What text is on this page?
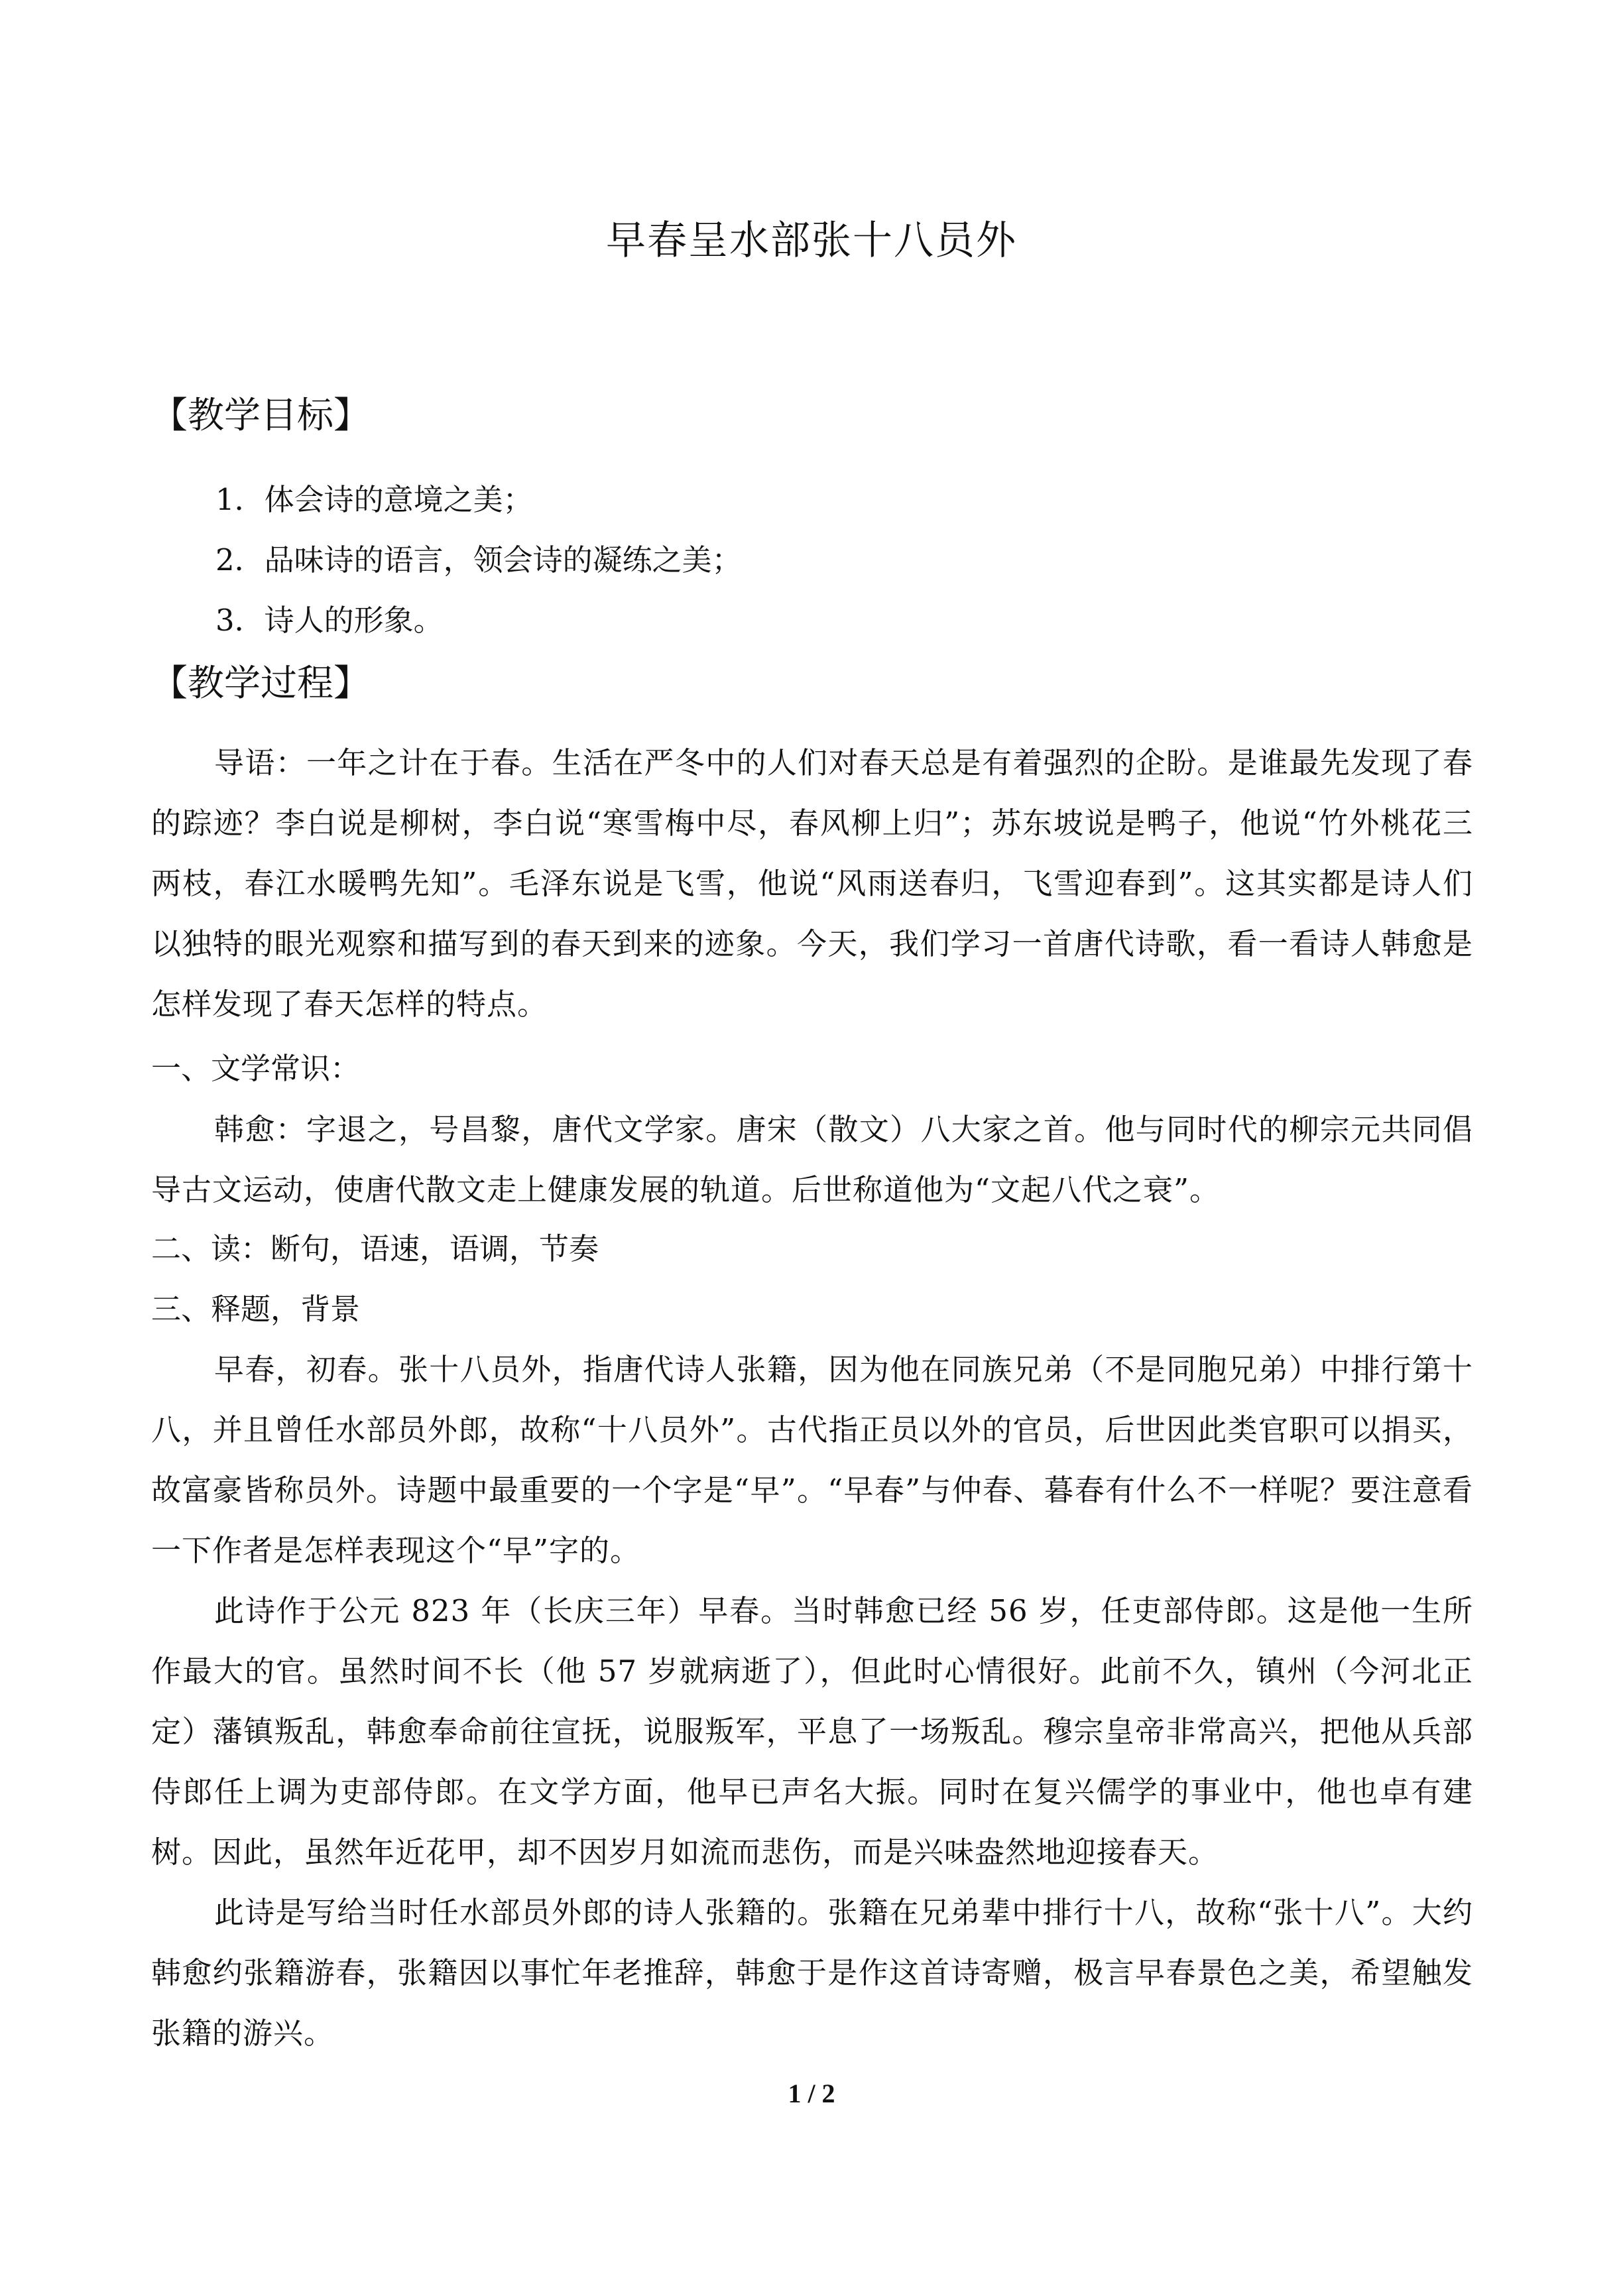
早春呈水部张十八员外
【教学目标】
1．体会诗的意境之美；
2．品味诗的语言，领会诗的凝练之美；
3．诗人的形象。
【教学过程】
导语：一年之计在于春。生活在严冬中的人们对春天总是有着强烈的企盼。是谁最先发现了春的踪迹？李白说是柳树，李白说“寒雪梅中尽，春风柳上归”；苏东坡说是鸭子，他说“竹外桃花三两枝，春江水暖鸭先知”。毛泽东说是飞雪，他说“风雨送春归，飞雪迎春到”。这其实都是诗人们以独特的眼光观察和描写到的春天到来的迹象。今天，我们学习一首唐代诗歌，看一看诗人韩愈是怎样发现了春天怎样的特点。
一、文学常识：
韩愈：字退之，号昌黎，唐代文学家。唐宋（散文）八大家之首。他与同时代的柳宗元共同倡导古文运动，使唐代散文走上健康发展的轨道。后世称道他为“文起八代之衰”。
二、读：断句，语速，语调，节奏
三、释题，背景
早春，初春。张十八员外，指唐代诗人张籍，因为他在同族兄弟（不是同胞兄弟）中排行第十八，并且曾任水部员外郎，故称“十八员外”。古代指正员以外的官员，后世因此类官职可以捐买，故富豪皆称员外。诗题中最重要的一个字是“早”。“早春”与仲春、暮春有什么不一样呢？要注意看一下作者是怎样表现这个“早”字的。
此诗作于公元 823 年（长庆三年）早春。当时韩愈已经 56 岁，任吏部侍郎。这是他一生所作最大的官。虽然时间不长（他 57 岁就病逝了），但此时心情很好。此前不久，镇州（今河北正定）藩镇叛乱，韩愈奉命前往宣抚，说服叛军，平息了一场叛乱。穆宗皇帝非常高兴，把他从兵部侍郎任上调为吏部侍郎。在文学方面，他早已声名大振。同时在复兴儒学的事业中，他也卓有建树。因此，虽然年近花甲，却不因岁月如流而悲伤，而是兴味盎然地迎接春天。
此诗是写给当时任水部员外郎的诗人张籍的。张籍在兄弟辈中排行十八，故称“张十八”。大约韩愈约张籍游春，张籍因以事忙年老推辞，韩愈于是作这首诗寄赠，极言早春景色之美，希望触发张籍的游兴。
1 / 2
